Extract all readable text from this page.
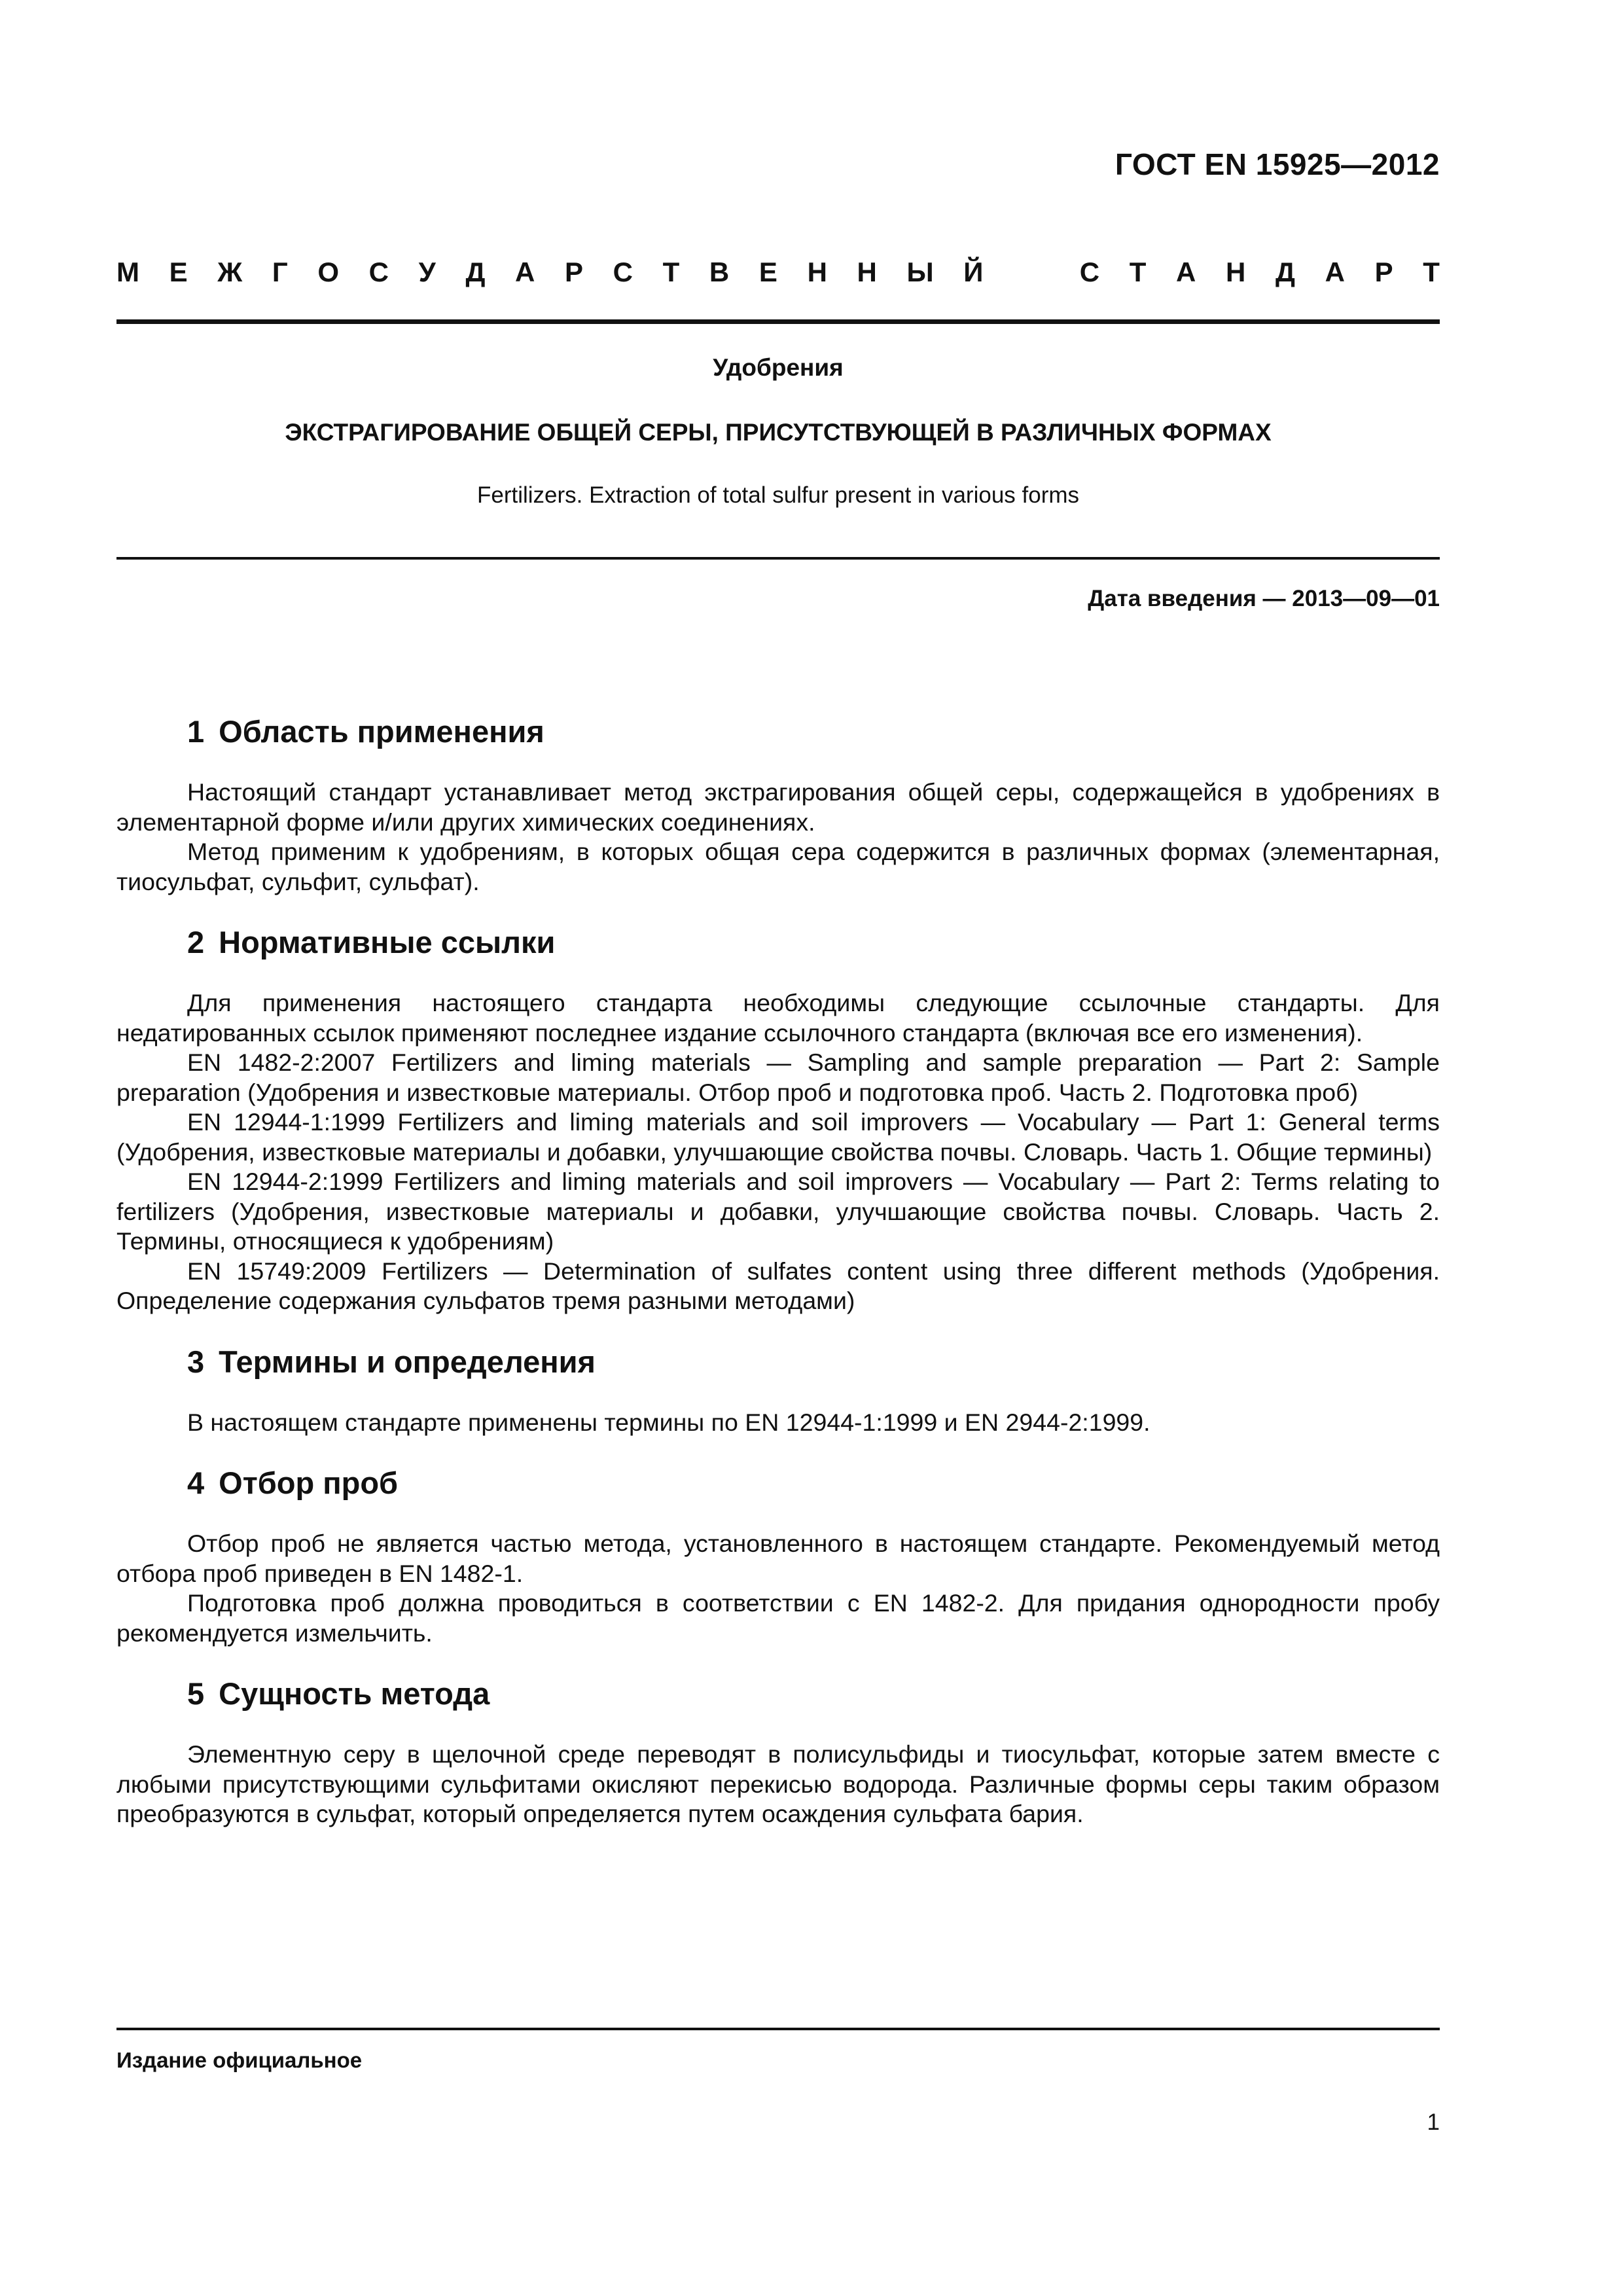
ГОСТ EN 15925—2012
М Е Ж Г О С У Д А Р С Т В Е Н Н Ы Й	С Т А Н Д А Р Т
Удобрения
ЭКСТРАГИРОВАНИЕ ОБЩЕЙ СЕРЫ, ПРИСУТСТВУЮЩЕЙ В РАЗЛИЧНЫХ ФОРМАХ
Fertilizers. Extraction of total sulfur present in various forms
Дата введения — 2013—09—01
1 Область применения

Настоящий стандарт устанавливает метод экстрагирования общей серы, содержащейся в удобрениях в элементарной форме и/или других химических соединениях.

Метод применим к удобрениям, в которых общая сера содержится в различных формах (элементарная, тиосульфат, сульфит, сульфат).

2 Нормативные ссылки

Для применения настоящего стандарта необходимы следующие ссылочные стандарты. Для недатированных ссылок применяют последнее издание ссылочного стандарта (включая все его изменения).

EN 1482-2:2007 Fertilizers and liming materials — Sampling and sample preparation — Part 2: Sample preparation (Удобрения и известковые материалы. Отбор проб и подготовка проб. Часть 2. Подготовка проб)

EN 12944-1:1999 Fertilizers and liming materials and soil improvers — Vocabulary — Part 1: General terms (Удобрения, известковые материалы и добавки, улучшающие свойства почвы. Словарь. Часть 1. Общие термины)

EN 12944-2:1999 Fertilizers and liming materials and soil improvers — Vocabulary — Part 2: Terms relating to fertilizers (Удобрения, известковые материалы и добавки, улучшающие свойства почвы. Словарь. Часть 2. Термины, относящиеся к удобрениям)

EN 15749:2009 Fertilizers — Determination of sulfates content using three different methods (Удобрения. Определение содержания сульфатов тремя разными методами)

3 Термины и определения

В настоящем стандарте применены термины по EN 12944-1:1999 и EN 2944-2:1999.

4 Отбор проб

Отбор проб не является частью метода, установленного в настоящем стандарте. Рекомендуемый метод отбора проб приведен в EN 1482-1.

Подготовка проб должна проводиться в соответствии с EN 1482-2. Для придания однородности пробу рекомендуется измельчить.

5 Сущность метода

Элементную серу в щелочной среде переводят в полисульфиды и тиосульфат, которые затем вместе с любыми присутствующими сульфитами окисляют перекисью водорода. Различные формы серы таким образом преобразуются в сульфат, который определяется путем осаждения сульфата бария.

Издание официальное
1
